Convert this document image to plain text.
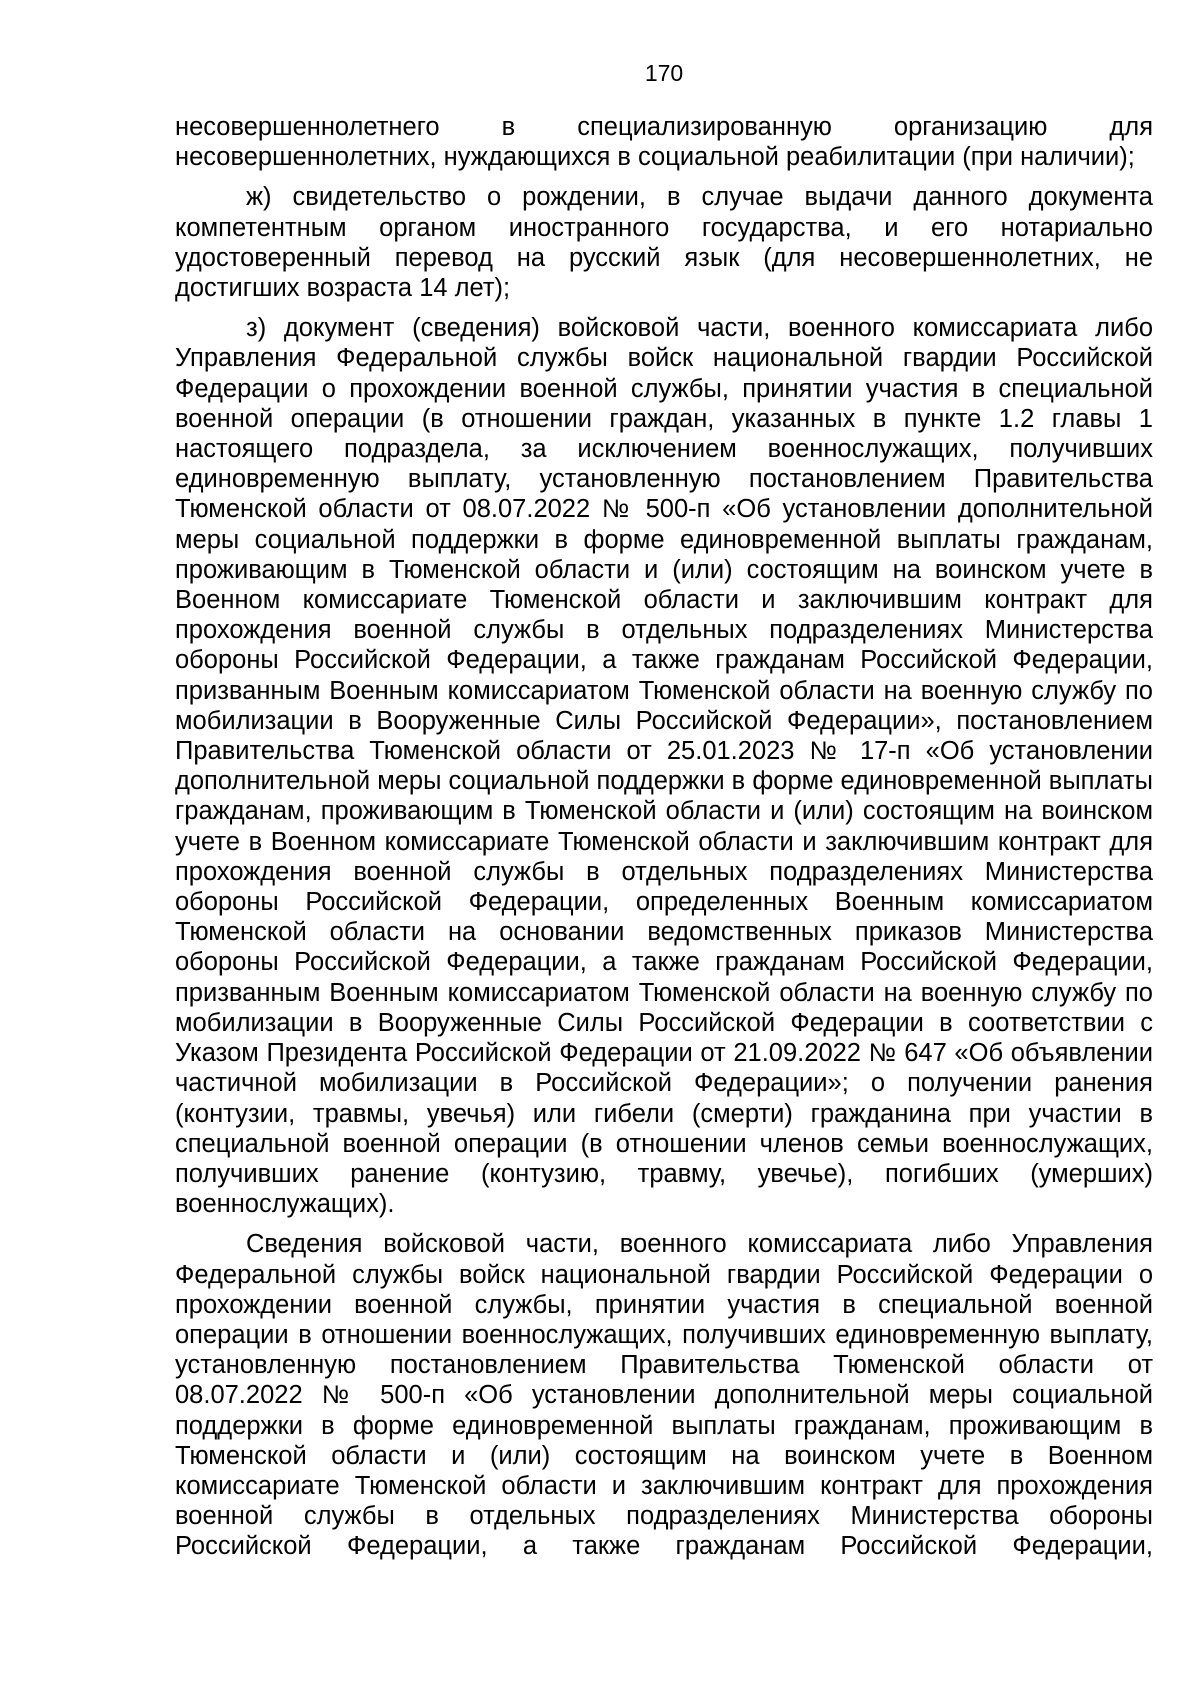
170

несовершеннолетнего в специализированную организацию для несовершеннолетних, нуждающихся в социальной реабилитации (при наличии);

ж) свидетельство о рождении, в случае выдачи данного документа компетентным органом иностранного государства, и его нотариально удостоверенный перевод на русский язык (для несовершеннолетних, не достигших возраста 14 лет);

з) документ (сведения) войсковой части, военного комиссариата либо Управления Федеральной службы войск национальной гвардии Российской Федерации о прохождении военной службы, принятии участия в специальной военной операции (в отношении граждан, указанных в пункте 1.2 главы 1 настоящего подраздела, за исключением военнослужащих, получивших единовременную выплату, установленную постановлением Правительства Тюменской области от 08.07.2022 № 500-п «Об установлении дополнительной меры социальной поддержки в форме единовременной выплаты гражданам, проживающим в Тюменской области и (или) состоящим на воинском учете в Военном комиссариате Тюменской области и заключившим контракт для прохождения военной службы в отдельных подразделениях Министерства обороны Российской Федерации, а также гражданам Российской Федерации, призванным Военным комиссариатом Тюменской области на военную службу по мобилизации в Вооруженные Силы Российской Федерации», постановлением Правительства Тюменской области от 25.01.2023 № 17-п «Об установлении дополнительной меры социальной поддержки в форме единовременной выплаты гражданам, проживающим в Тюменской области и (или) состоящим на воинском учете в Военном комиссариате Тюменской области и заключившим контракт для прохождения военной службы в отдельных подразделениях Министерства обороны Российской Федерации, определенных Военным комиссариатом Тюменской области на основании ведомственных приказов Министерства обороны Российской Федерации, а также гражданам Российской Федерации, призванным Военным комиссариатом Тюменской области на военную службу по мобилизации в Вооруженные Силы Российской Федерации в соответствии с Указом Президента Российской Федерации от 21.09.2022 № 647 «Об объявлении частичной мобилизации в Российской Федерации»; о получении ранения (контузии, травмы, увечья) или гибели (смерти) гражданина при участии в специальной военной операции (в отношении членов семьи военнослужащих, получивших ранение (контузию, травму, увечье), погибших (умерших) военнослужащих).

Сведения войсковой части, военного комиссариата либо Управления Федеральной службы войск национальной гвардии Российской Федерации о прохождении военной службы, принятии участия в специальной военной операции в отношении военнослужащих, получивших единовременную выплату, установленную постановлением Правительства Тюменской области от 08.07.2022 № 500-п «Об установлении дополнительной меры социальной поддержки в форме единовременной выплаты гражданам, проживающим в Тюменской области и (или) состоящим на воинском учете в Военном комиссариате Тюменской области и заключившим контракт для прохождения военной службы в отдельных подразделениях Министерства обороны Российской Федерации, а также гражданам Российской Федерации,
